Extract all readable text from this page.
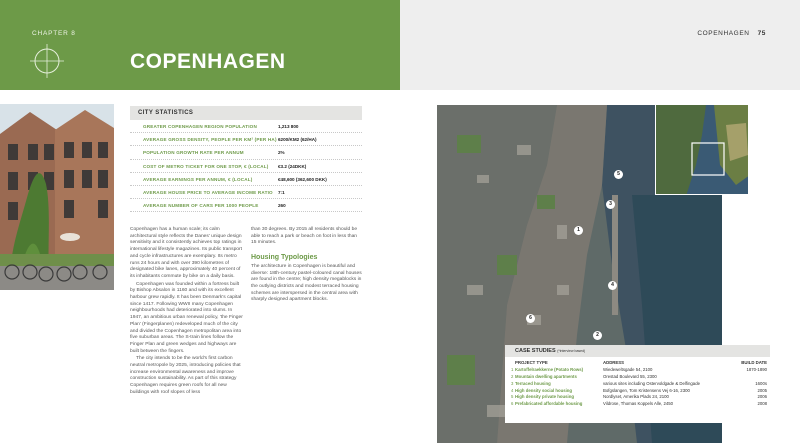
CHAPTER 8
COPENHAGEN
CITY STATISTICS
GREATER COPENHAGEN REGION POPULATION	1,213 800
AVERAGE GROSS DENSITY, PEOPLE PER KM² (PER HA) 6200/KM2 (62/HA)
POPULATION GROWTH RATE PER ANNUM	2%
COST OF METRO TICKET FOR ONE STOP, € (LOCAL) €3.2 (24DKK)
AVERAGE EARNINGS PER ANNUM, € (LOCAL)	€48,600 (362,600 DKK)
AVERAGE HOUSE PRICE TO AVERAGE INCOME RATIO 7:1
AVERAGE NUMBER OF CARS PER 1000 PEOPLE	260

Copenhagen has a human scale; its calm architectural style reflects the Danes' unique design sensitivity and it consistently achieves top ratings in international lifestyle magazines. Its public transport and cycle infrastructures are exemplary. Its metro runs 24 hours and with over 390 kilometres of designated bike lanes, approximately 40 percent of its inhabitants commute by bike on a daily basis.

Copenhagen was founded within a fortress built by Bishop Absalon in 1160 and with its excellent harbour grew rapidly. It has been Denmark's capital since 1417. Following WWII many Copenhagen neighbourhoods had deteriorated into slums. In 1947, an ambitious urban renewal policy, 'the Finger Plan' (Fingerplanen) redeveloped much of the city and divided the Copenhagen metropolitan area into five suburban areas. The S-train lines follow the Finger Plan and green wedges and highways are built between the fingers.

The city intends to be the world's first carbon neutral metropole by 2025, introducing policies that increase environmental awareness and improve construction sustainability. As part of this strategy Copenhagen requires green roofs for all new buildings with roof slopes of less

than 30 degrees. By 2015 all residents should be able to reach a park or beach on foot in less than 15 minutes.

Housing Typologies

The architecture in Copenhagen is beautiful and diverse: 18th-century pastel-coloured canal houses are found in the centre; high density megablocks in the outlying districts and modest terraced housing schemes are interspersed in the central area with sharply designed apartment blocks.

COPENHAGEN 75
5
3
1
4
6
2
CASE STUDIES (*interview based)
PROJECT TYPE	ADDRESS	BUILD DATE
1 Kartoffelraekkerne (Potato Rows)	Wiedeweltsgade 54, 2100	1870-1890
2 Mountain dwelling apartments	Orestad Boulevard 55, 2300
3 Terraced housing	various sites including Ostervoldgade & Delfingade	1600s
4 High density social housing	Bofgslangen, Tom Kristensens Vej 6-16, 2300	2005
5 High density private housing	Nordlyset, Amerika Plads 24, 2100	2006
6 Prefabricated affordable housing	Vildrose, Thomas Koppels Alle, 2450	2008
